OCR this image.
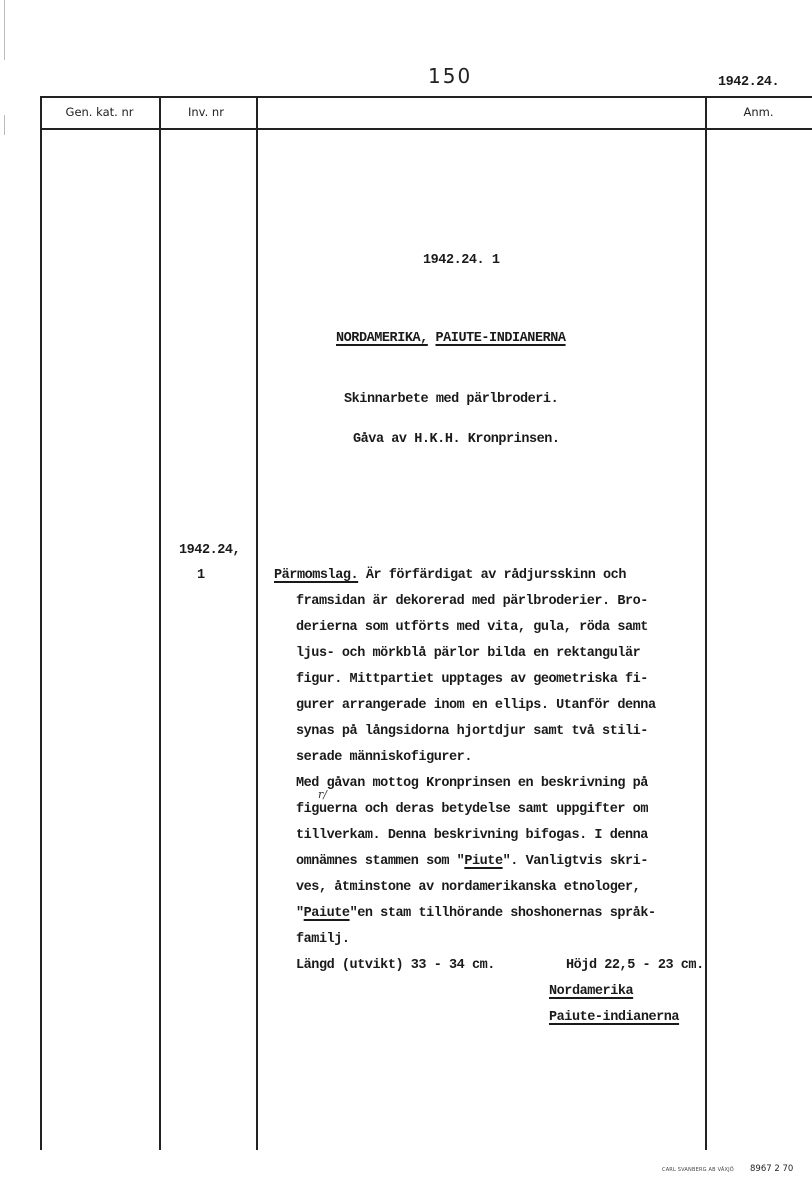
150	1942.24.
Gen. kat. nr	Inv. nr	Anm.
1942.24. 1
NORDAMERIKA, PAIUTE-INDIANERNA
Skinnarbete med pärlbroderi.
Gåva av H.K.H. Kronprinsen.
1942.24,
1	Pärmomslag. Är förfärdigat av rådjursskinn och
framsidan är dekorerad med pärlbroderier. Bro-
derierna som utförts med vita, gula, röda samt
ljus- och mörkblå pärlor bilda en rektangulär
figur. Mittpartiet upptages av geometriska fi-
gurer arrangerade inom en ellips. Utanför denna
synas på långsidorna hjortdjur samt två stili-
serade människofigurer.
Med gåvan mottog Kronprinsen en beskrivning på
r/
figuerna och deras betydelse samt uppgifter om
tillverkam. Denna beskrivning bifogas. I denna
omnämnes stammen som "Piute". Vanligtvis skri-
ves, åtminstone av nordamerikanska etnologer,
"Paiute"en stam tillhörande shoshonernas språk-
familj.
Längd (utvikt) 33 - 34 cm.	Höjd 22,5 - 23 cm.
Nordamerika
Paiute-indianerna
CARL SVANBERG AB VÄXJÖ 8967 2 70
